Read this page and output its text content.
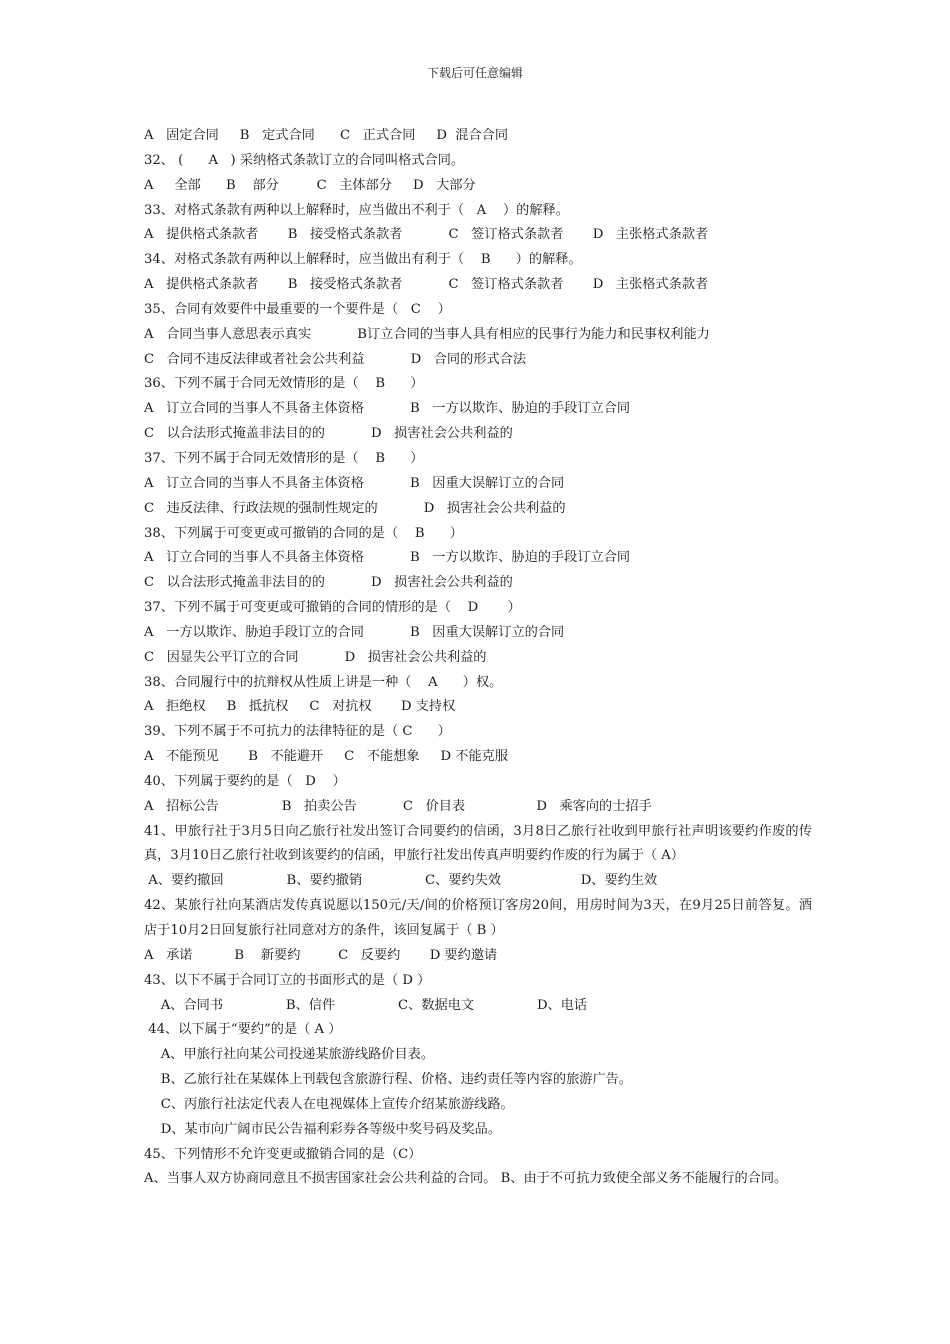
下载后可任意编辑
A   固定合同     B   定式合同      C   正式合同     D  混合合同
32、 (      A   ) 采纳格式条款订立的合同叫格式合同。
A     全部      B    部分         C   主体部分     D   大部分
33、对格式条款有两种以上解释时，应当做出不利于（   A    ）的解释。
A   提供格式条款者       B   接受格式条款者           C   签订格式条款者       D   主张格式条款者
34、对格式条款有两种以上解释时，应当做出有利于（    B      ）的解释。
A   提供格式条款者       B   接受格式条款者           C   签订格式条款者       D   主张格式条款者
35、合同有效要件中最重要的一个要件是（   C    ）
A   合同当事人意思表示真实           B订立合同的当事人具有相应的民事行为能力和民事权利能力
C   合同不违反法律或者社会公共利益           D   合同的形式合法
36、下列不属于合同无效情形的是（    B      ）
A   订立合同的当事人不具备主体资格           B   一方以欺诈、胁迫的手段订立合同
C   以合法形式掩盖非法目的的           D   损害社会公共利益的
37、下列不属于合同无效情形的是（    B      ）
A   订立合同的当事人不具备主体资格           B   因重大误解订立的合同
C   违反法律、行政法规的强制性规定的           D   损害社会公共利益的
38、下列属于可变更或可撤销的合同的是（    B      ）
A   订立合同的当事人不具备主体资格           B   一方以欺诈、胁迫的手段订立合同
C   以合法形式掩盖非法目的的           D   损害社会公共利益的
37、下列不属于可变更或可撤销的合同的情形的是（    D       ）
A   一方以欺诈、胁迫手段订立的合同           B   因重大误解订立的合同
C   因显失公平订立的合同           D   损害社会公共利益的
38、合同履行中的抗辩权从性质上讲是一种（    A      ）权。
A   拒绝权     B   抵抗权     C   对抗权       D 支持权
39、下列不属于不可抗力的法律特征的是（ C      ）
A   不能预见       B   不能避开     C   不能想象     D 不能克服
40、下列属于要约的是（   D    ）
A   招标公告               B   拍卖公告           C   价目表                 D   乘客向的士招手
41、甲旅行社于3月5日向乙旅行社发出签订合同要约的信函，3月8日乙旅行社收到甲旅行社声明该要约作废的传真，3月10日乙旅行社收到该要约的信函，甲旅行社发出传真声明要约作废的行为属于（ A）
A、要约撤回               B、要约撤销               C、要约失效                   D、要约生效
42、某旅行社向某酒店发传真说愿以150元/天/间的价格预订客房20间，用房时间为3天，在9月25日前答复。酒店于10月2日回复旅行社同意对方的条件，该回复属于（ B ）
A   承诺          B    新要约         C   反要约       D 要约邀请
43、以下不属于合同订立的书面形式的是（ D ）
A、合同书               B、信件               C、数据电文               D、电话
44、以下属于“要约”的是（ A ）
A、甲旅行社向某公司投递某旅游线路价目表。
B、乙旅行社在某媒体上刊载包含旅游行程、价格、违约责任等内容的旅游广告。
C、丙旅行社法定代表人在电视媒体上宣传介绍某旅游线路。
D、某市向广阔市民公告福利彩券各等级中奖号码及奖品。
45、下列情形不允许变更或撤销合同的是（C）
A、当事人双方协商同意且不损害国家社会公共利益的合同。 B、由于不可抗力致使全部义务不能履行的合同。
